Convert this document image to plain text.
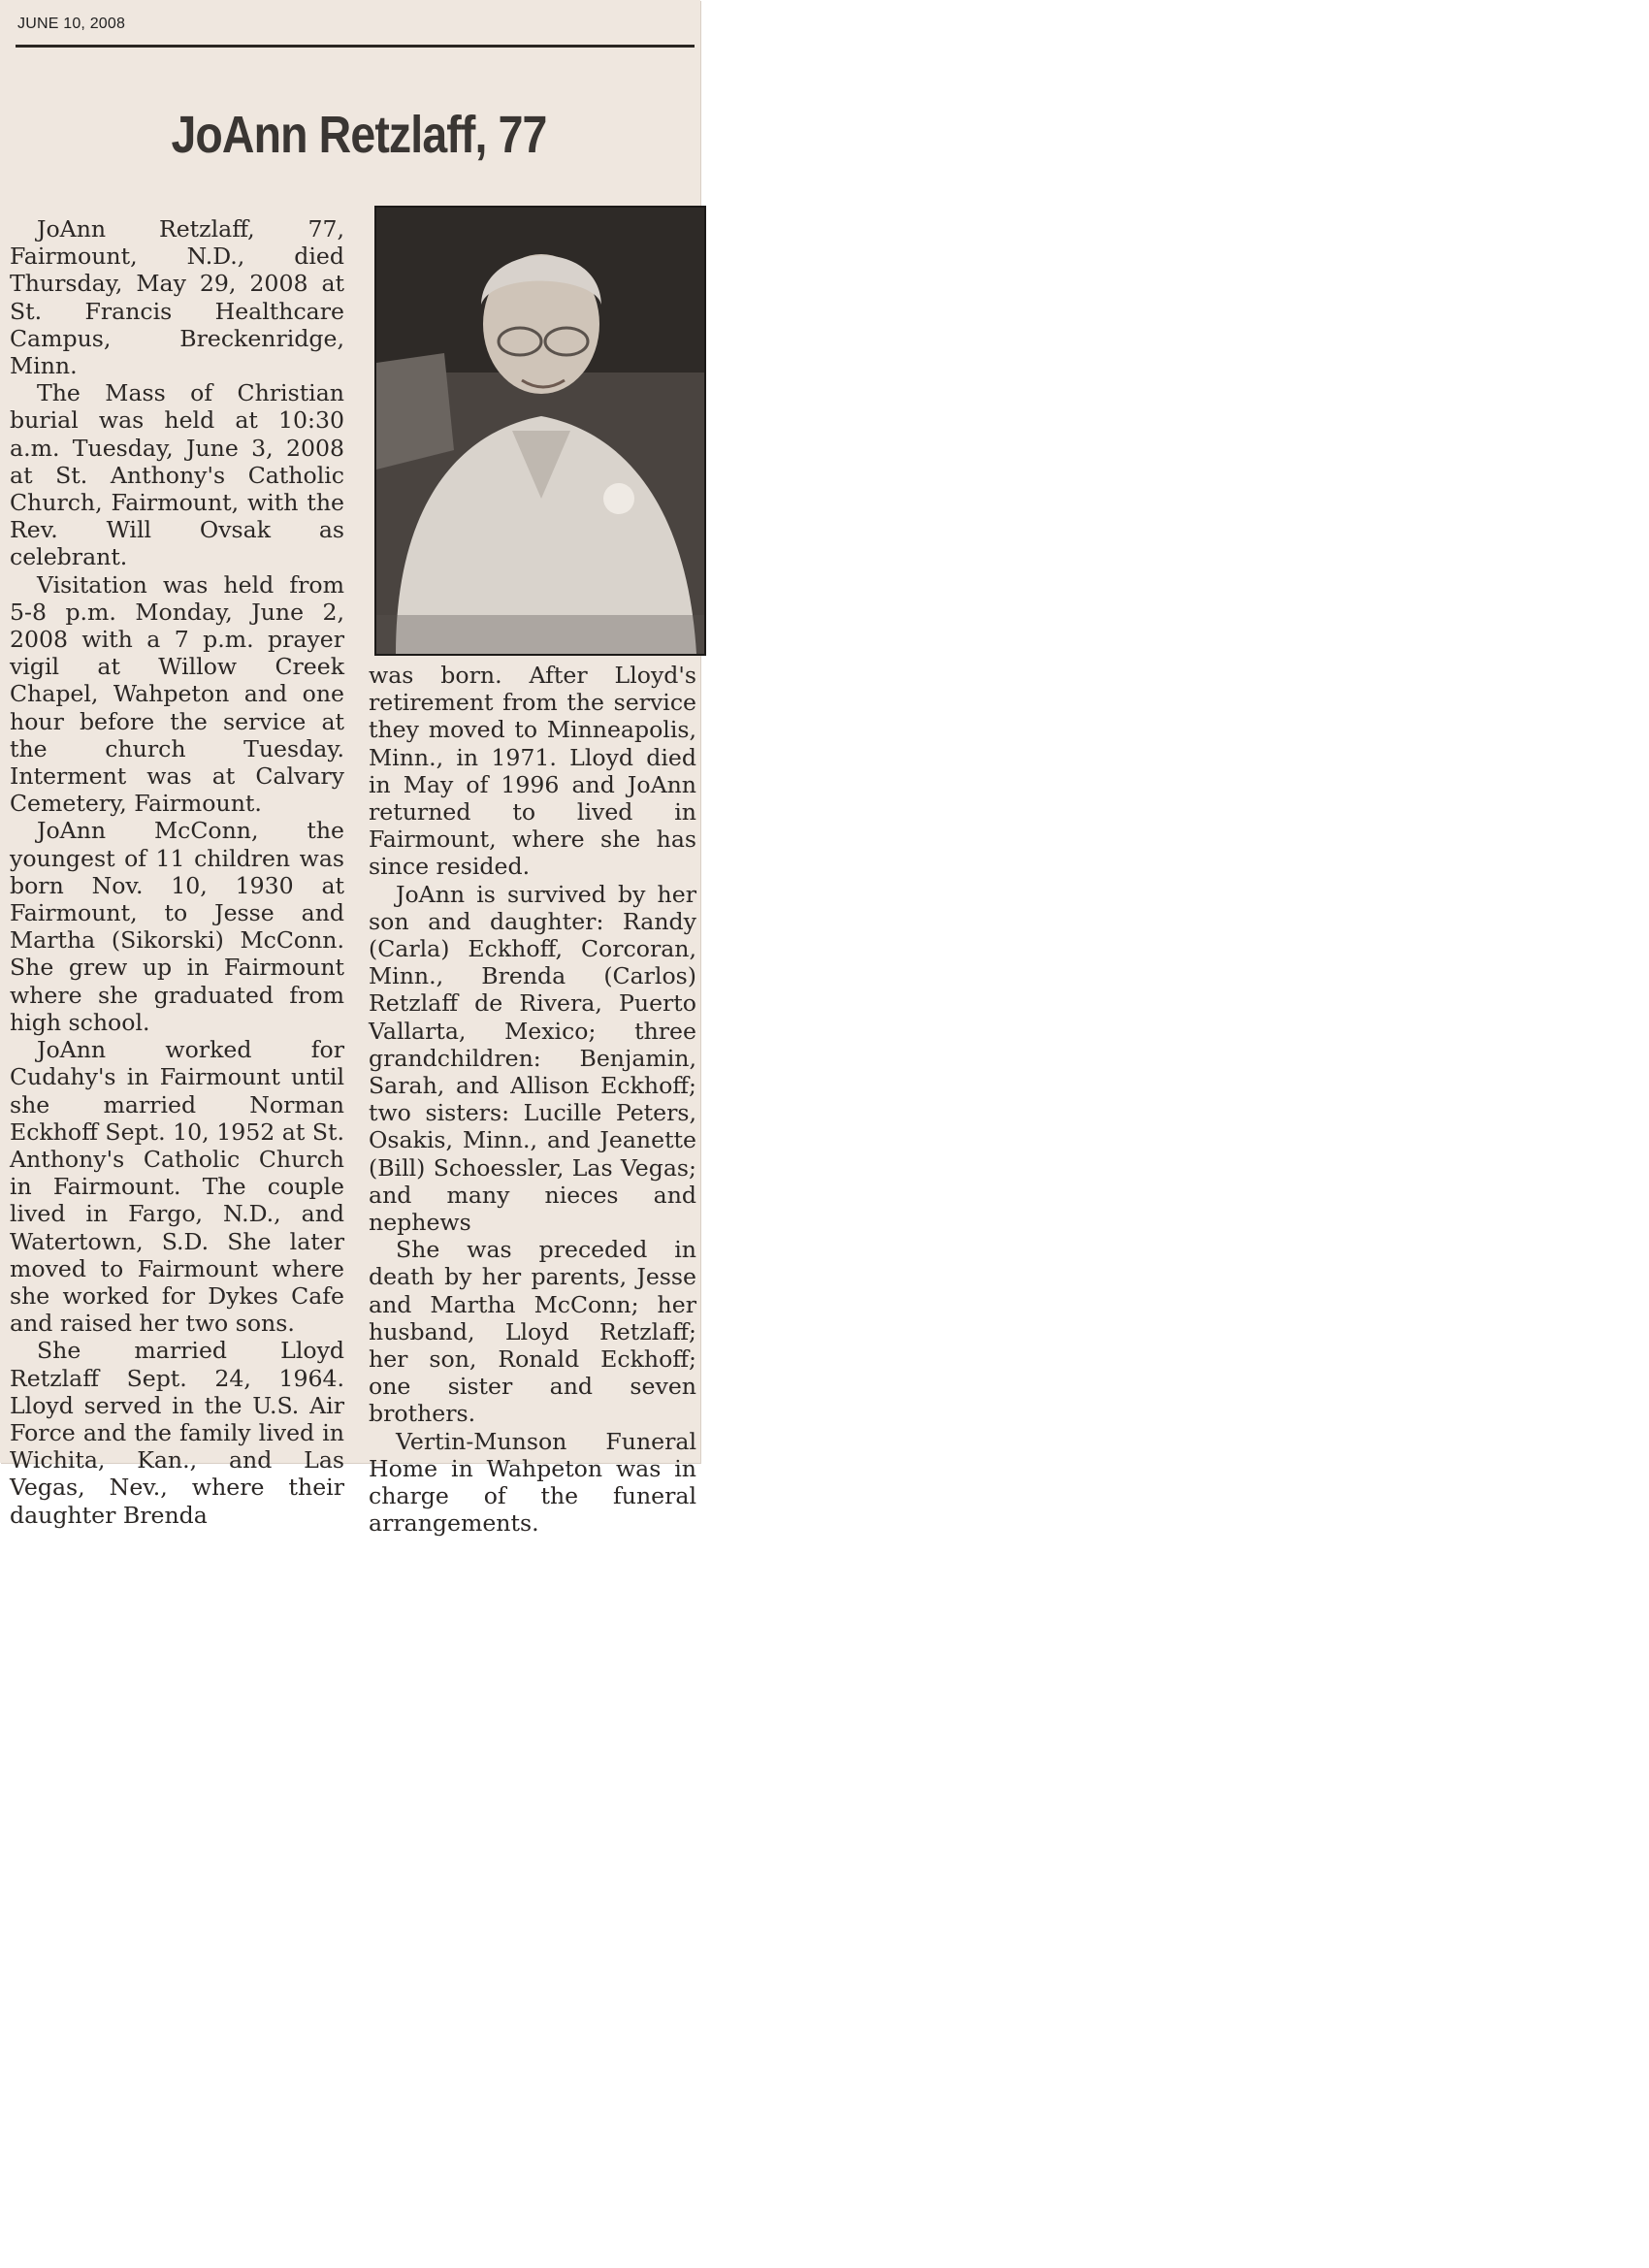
JUNE 10, 2008
JoAnn Retzlaff, 77

JoAnn Retzlaff, 77, Fairmount, N.D., died Thursday, May 29, 2008 at St. Francis Healthcare Campus, Breckenridge, Minn.

The Mass of Christian burial was held at 10:30 a.m. Tuesday, June 3, 2008 at St. Anthony's Catholic Church, Fairmount, with the Rev. Will Ovsak as celebrant.

Visitation was held from 5-8 p.m. Monday, June 2, 2008 with a 7 p.m. prayer vigil at Willow Creek Chapel, Wahpeton and one hour before the service at the church Tuesday. Interment was at Calvary Cemetery, Fairmount.

JoAnn McConn, the youngest of 11 children was born Nov. 10, 1930 at Fairmount, to Jesse and Martha (Sikorski) McConn. She grew up in Fairmount where she graduated from high school.

JoAnn worked for Cudahy's in Fairmount until she married Norman Eckhoff Sept. 10, 1952 at St. Anthony's Catholic Church in Fairmount. The couple lived in Fargo, N.D., and Watertown, S.D. She later moved to Fairmount where she worked for Dykes Cafe and raised her two sons.

She married Lloyd Retzlaff Sept. 24, 1964. Lloyd served in the U.S. Air Force and the family lived in Wichita, Kan., and Las Vegas, Nev., where their daughter Brenda

was born. After Lloyd's retirement from the service they moved to Minneapolis, Minn., in 1971. Lloyd died in May of 1996 and JoAnn returned to lived in Fairmount, where she has since resided.

JoAnn is survived by her son and daughter: Randy (Carla) Eckhoff, Corcoran, Minn., Brenda (Carlos) Retzlaff de Rivera, Puerto Vallarta, Mexico; three grandchildren: Benjamin, Sarah, and Allison Eckhoff; two sisters: Lucille Peters, Osakis, Minn., and Jeanette (Bill) Schoessler, Las Vegas; and many nieces and nephews

She was preceded in death by her parents, Jesse and Martha McConn; her husband, Lloyd Retzlaff; her son, Ronald Eckhoff; one sister and seven brothers.

Vertin-Munson Funeral Home in Wahpeton was in charge of the funeral arrangements.
